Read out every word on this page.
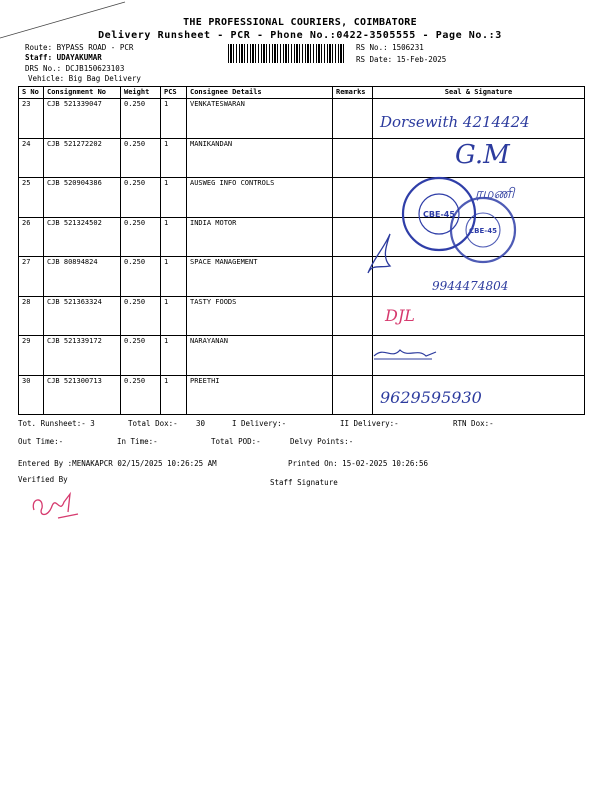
THE PROFESSIONAL COURIERS, COIMBATORE
Delivery Runsheet - PCR - Phone No.:0422-3505555 - Page No.:3
Route: BYPASS ROAD - PCR
Staff: UDAYAKUMAR
DRS No.: DCJB150623103
Vehicle: Big Bag Delivery
RS No.: 1506231
RS Date: 15-Feb-2025
S No	Consignment No	Weight	PCS	Consignee Details	Remarks	Seal & Signature
23	CJB 521339047	0.250	1	VENKATESWARAN		
24	CJB 521272202	0.250	1	MANIKANDAN		
25	CJB 520904386	0.250	1	AUSWEG INFO CONTROLS		
26	CJB 521324502	0.250	1	INDIA MOTOR		
27	CJB 80894824	0.250	1	SPACE MANAGEMENT		
28	CJB 521363324	0.250	1	TASTY FOODS		
29	CJB 521339172	0.250	1	NARAYANAN		
30	CJB 521300713	0.250	1	PREETHI		
Dorsewith 4214424
G.M
ரமணி
9944474804
DJL
9629595930
CBE-45
CBE-45
Tot. Runsheet:- 3	Total Dox:- 30	I Delivery:-	II Delivery:-	RTN Dox:-
Out Time:-	In Time:-	Total POD:-	Delvy Points:-
Entered By :MENAKAPCR 02/15/2025 10:26:25 AM	Printed On: 15-02-2025 10:26:56
Verified By	Staff Signature
